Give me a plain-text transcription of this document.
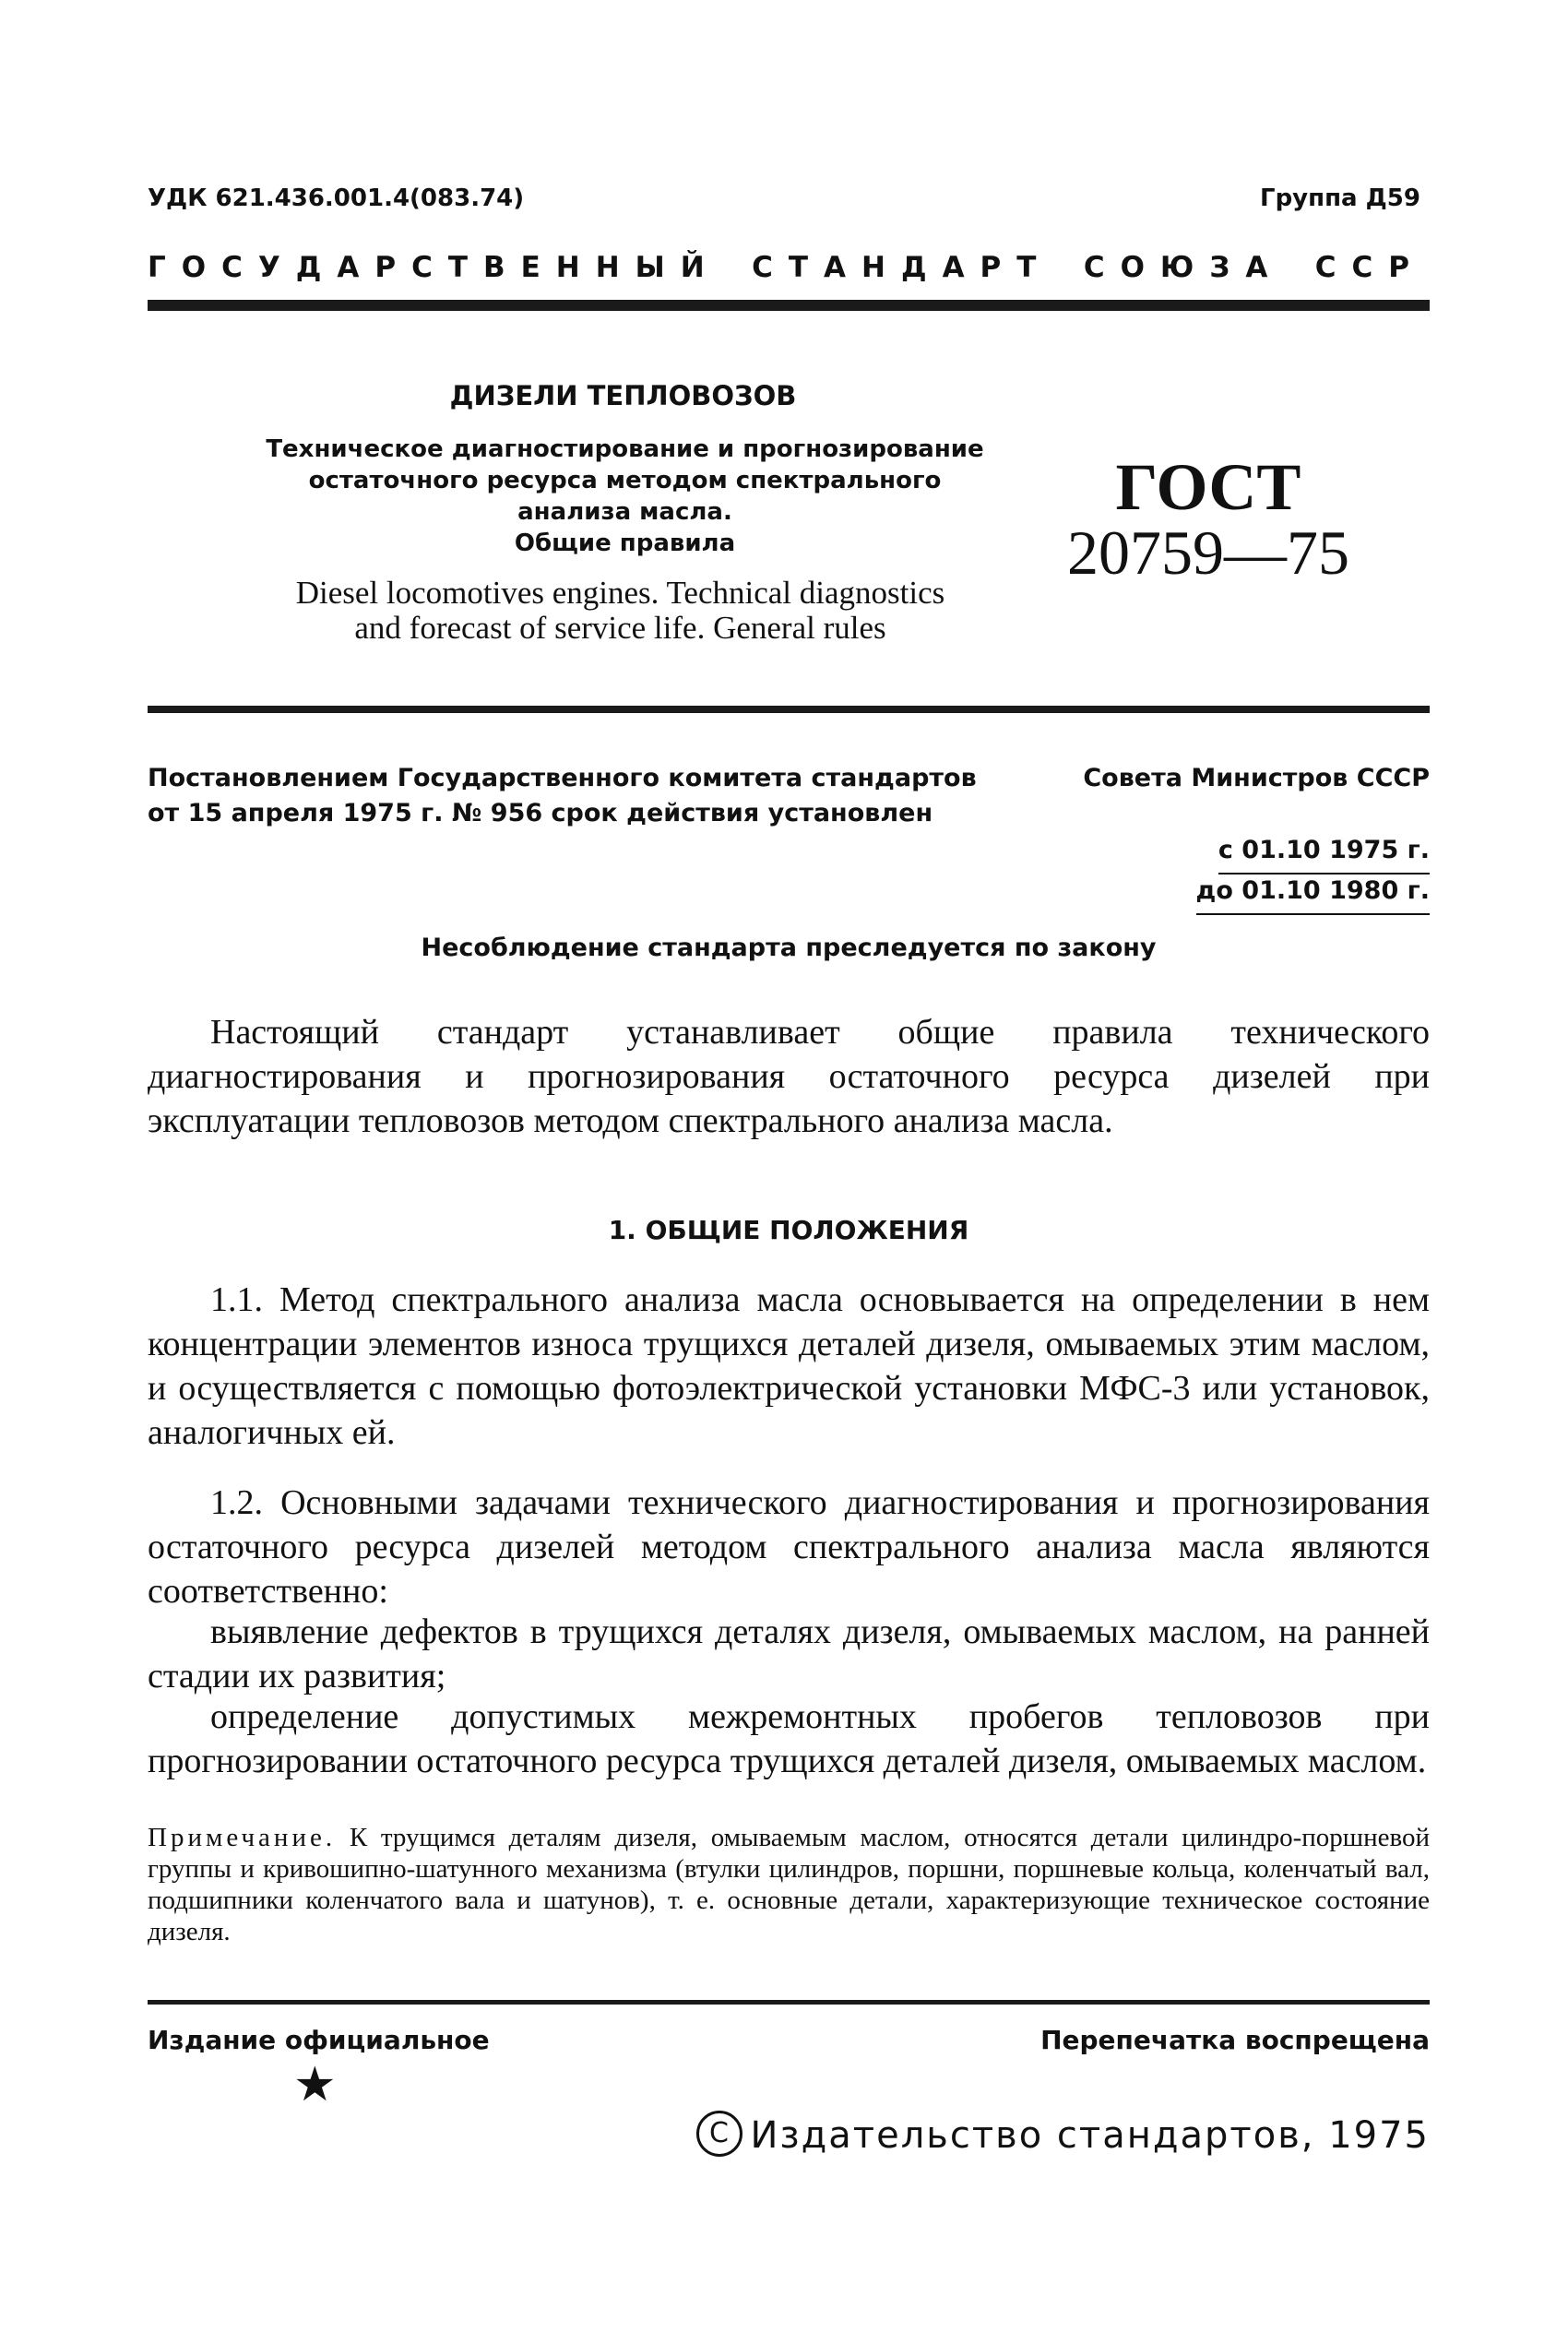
УДК 621.436.001.4(083.74)	Группа Д59
ГОСУДАРСТВЕННЫЙ СТАНДАРТ СОЮЗА ССР
ДИЗЕЛИ ТЕПЛОВОЗОВ
Техническое диагностирование и прогнозирование
остаточного ресурса методом спектрального
анализа масла.
Общие правила
Diesel locomotives engines. Technical diagnostics
and forecast of service life. General rules
ГОСТ
20759—75
Постановлением Государственного комитета стандартов	Совета Министров СССР
от 15 апреля 1975 г. № 956 срок действия установлен
с 01.10 1975 г.
до 01.10 1980 г.
Несоблюдение стандарта преследуется по закону
Настоящий стандарт устанавливает общие правила технического диагностирования и прогнозирования остаточного ресурса дизелей при эксплуатации тепловозов методом спектрального анализа масла.
1. ОБЩИЕ ПОЛОЖЕНИЯ
1.1. Метод спектрального анализа масла основывается на определении в нем концентрации элементов износа трущихся деталей дизеля, омываемых этим маслом, и осуществляется с помощью фотоэлектрической установки МФС-3 или установок, аналогичных ей.
1.2. Основными задачами технического диагностирования и прогнозирования остаточного ресурса дизелей методом спектрального анализа масла являются соответственно:
выявление дефектов в трущихся деталях дизеля, омываемых маслом, на ранней стадии их развития;
определение допустимых межремонтных пробегов тепловозов при прогнозировании остаточного ресурса трущихся деталей дизеля, омываемых маслом.
Примечание. К трущимся деталям дизеля, омываемым маслом, относятся детали цилиндро-поршневой группы и кривошипно-шатунного механизма (втулки цилиндров, поршни, поршневые кольца, коленчатый вал, подшипники коленчатого вала и шатунов), т. е. основные детали, характеризующие техническое состояние дизеля.
Издание официальное	Перепечатка воспрещена
★
C Издательство стандартов, 1975
